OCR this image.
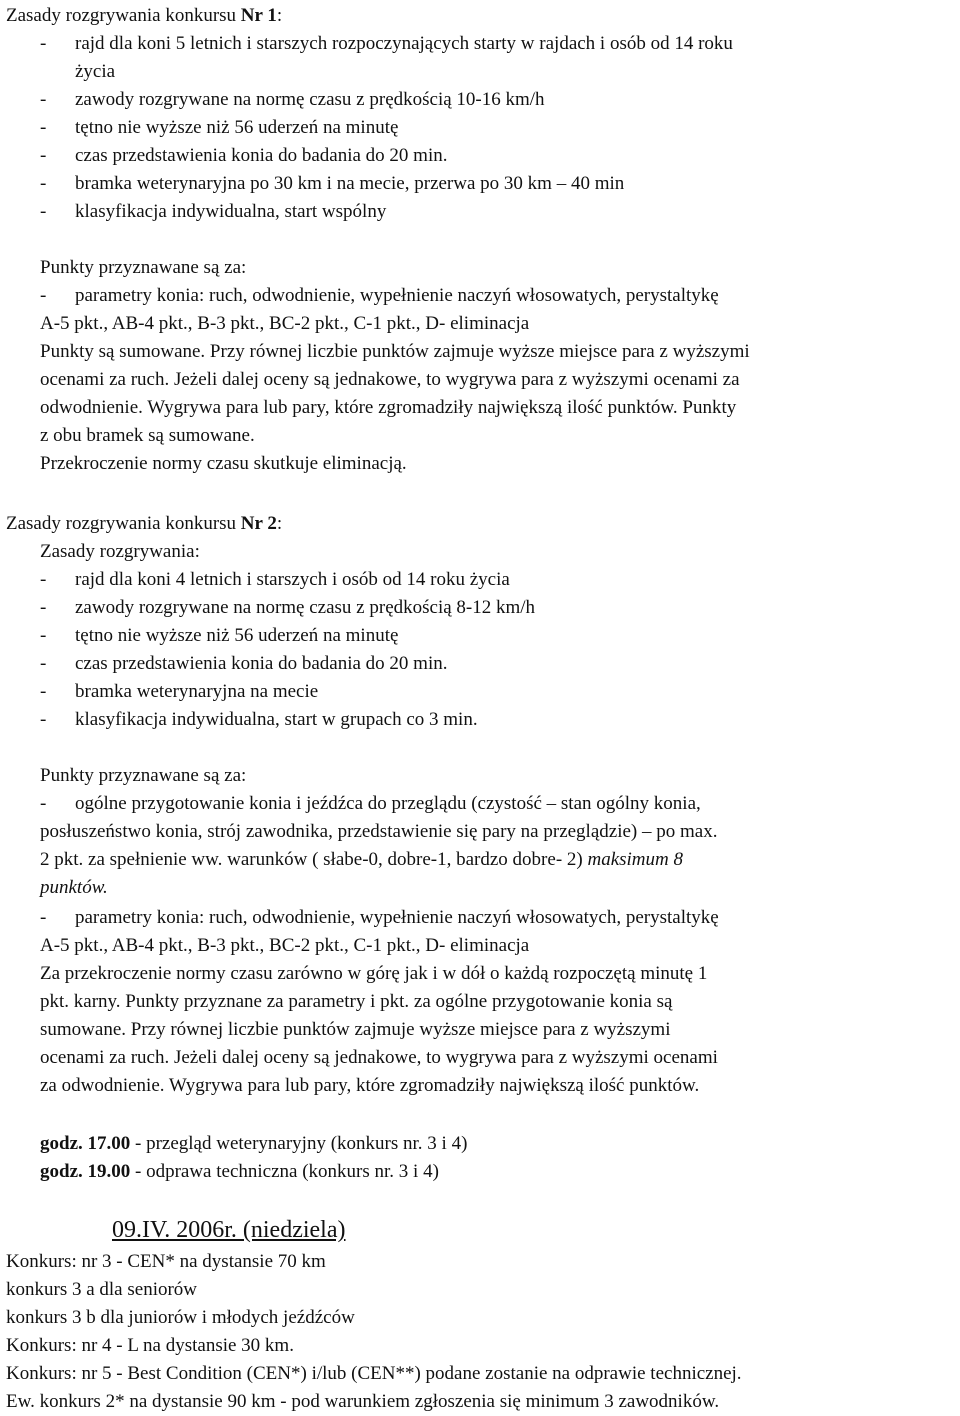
Zasady rozgrywania konkursu Nr 1:
- rajd dla koni 5 letnich i starszych rozpoczynających starty w rajdach i osób od 14 roku
życia
- zawody rozgrywane na normę czasu z prędkością 10-16 km/h
- tętno nie wyższe niż 56 uderzeń na minutę
- czas przedstawienia konia do badania do 20 min.
- bramka weterynaryjna po 30 km i na mecie, przerwa po 30 km – 40 min
- klasyfikacja indywidualna, start wspólny
Punkty przyznawane są za:
- parametry konia: ruch, odwodnienie, wypełnienie naczyń włosowatych, perystaltykę
A-5 pkt., AB-4 pkt., B-3 pkt., BC-2 pkt., C-1 pkt., D- eliminacja
Punkty są sumowane. Przy równej liczbie punktów zajmuje wyższe miejsce para z wyższymi
ocenami za ruch. Jeżeli dalej oceny są jednakowe, to wygrywa para z wyższymi ocenami za
odwodnienie. Wygrywa para lub pary, które zgromadziły największą ilość punktów. Punkty
z obu bramek są sumowane.
Przekroczenie normy czasu skutkuje eliminacją.
Zasady rozgrywania konkursu Nr 2:
Zasady rozgrywania:
- rajd dla koni 4 letnich i starszych i osób od 14 roku życia
- zawody rozgrywane na normę czasu z prędkością 8-12 km/h
- tętno nie wyższe niż 56 uderzeń na minutę
- czas przedstawienia konia do badania do 20 min.
- bramka weterynaryjna na mecie
- klasyfikacja indywidualna, start w grupach co 3 min.
Punkty przyznawane są za:
- ogólne przygotowanie konia i jeźdźca do przeglądu (czystość – stan ogólny konia,
posłuszeństwo konia, strój zawodnika, przedstawienie się pary na przeglądzie) – po max.
2 pkt. za spełnienie ww. warunków ( słabe-0, dobre-1, bardzo dobre- 2) maksimum 8
punktów.
- parametry konia: ruch, odwodnienie, wypełnienie naczyń włosowatych, perystaltykę
A-5 pkt., AB-4 pkt., B-3 pkt., BC-2 pkt., C-1 pkt., D- eliminacja
Za przekroczenie normy czasu zarówno w górę jak i w dół o każdą rozpoczętą minutę 1
pkt. karny. Punkty przyznane za parametry i pkt. za ogólne przygotowanie konia są
sumowane. Przy równej liczbie punktów zajmuje wyższe miejsce para z wyższymi
ocenami za ruch. Jeżeli dalej oceny są jednakowe, to wygrywa para z wyższymi ocenami
za odwodnienie. Wygrywa para lub pary, które zgromadziły największą ilość punktów.
godz. 17.00 - przegląd weterynaryjny (konkurs nr. 3 i 4)
godz. 19.00 - odprawa techniczna (konkurs nr. 3 i 4)
09.IV. 2006r. (niedziela)
Konkurs: nr 3 - CEN* na dystansie 70 km
konkurs 3 a dla seniorów
konkurs 3 b dla juniorów i młodych jeźdźców
Konkurs: nr 4 - L na dystansie 30 km.
Konkurs: nr 5 - Best Condition (CEN*) i/lub (CEN**) podane zostanie na odprawie technicznej.
Ew. konkurs 2* na dystansie 90 km - pod warunkiem zgłoszenia się minimum 3 zawodników.
